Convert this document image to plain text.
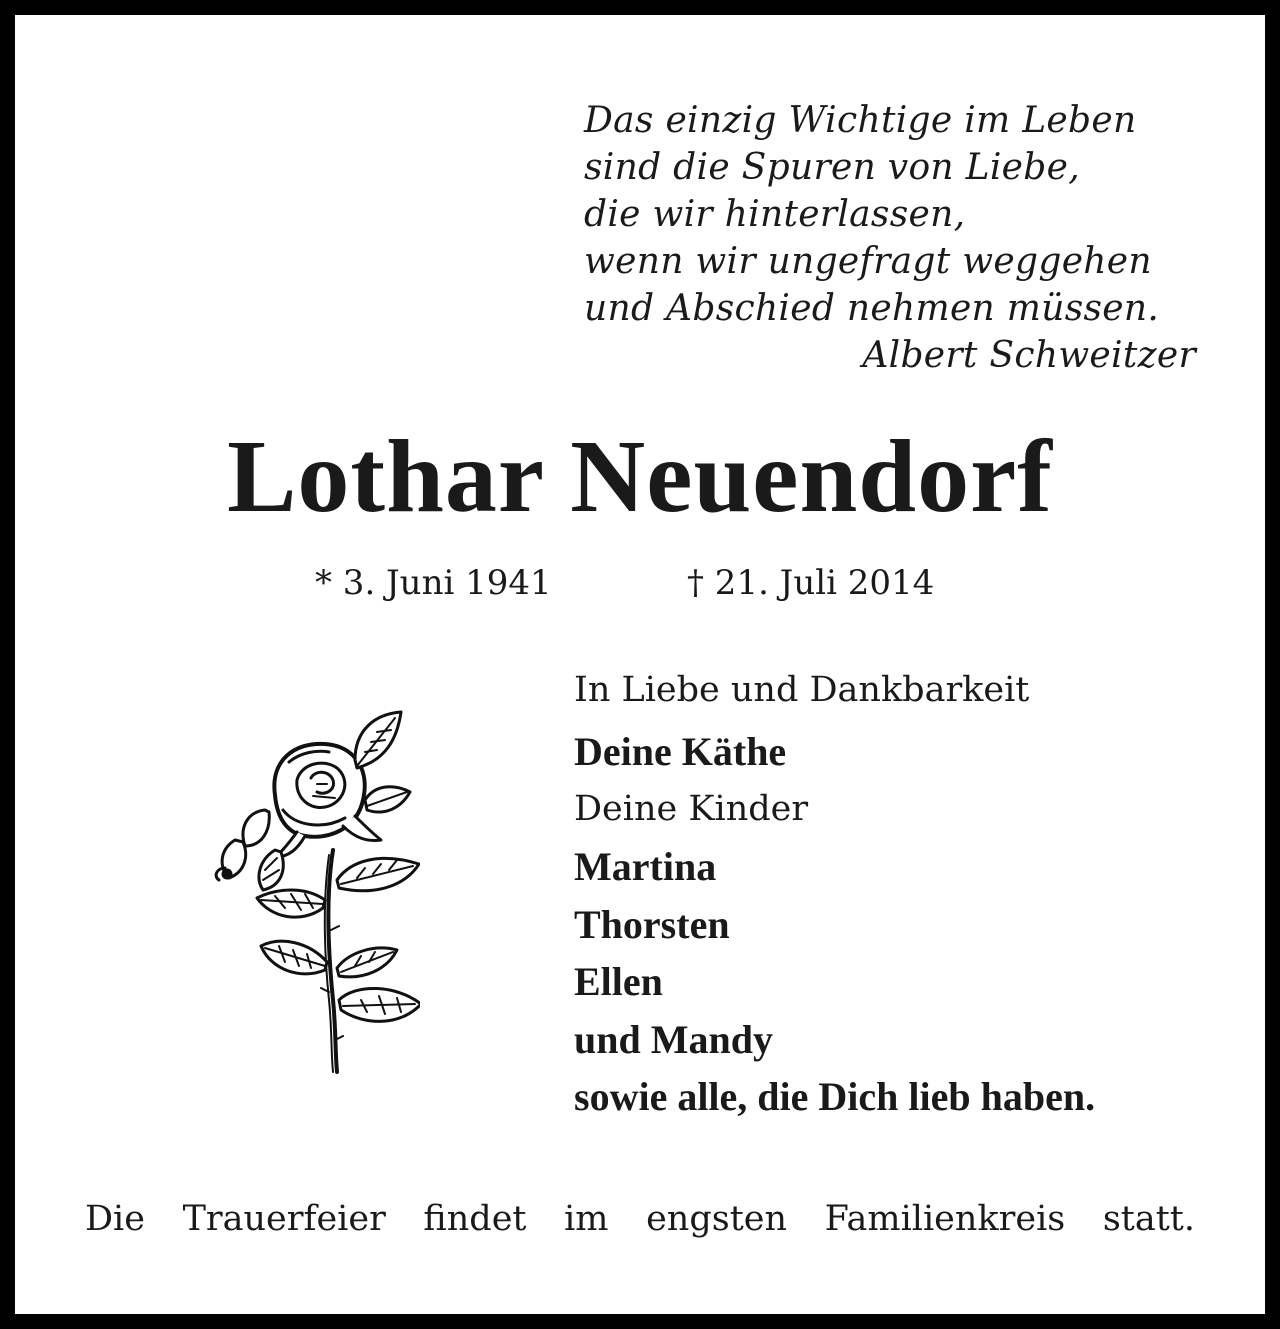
Das einzig Wichtige im Leben
sind die Spuren von Liebe,
die wir hinterlassen,
wenn wir ungefragt weggehen
und Abschied nehmen müssen.
Albert Schweitzer
Lothar Neuendorf
* 3. Juni 1941	† 21. Juli 2014
In Liebe und Dankbarkeit
Deine Käthe
Deine Kinder
Martina
Thorsten
Ellen
und Mandy
sowie alle, die Dich lieb haben.
Die Trauerfeier findet im engsten Familienkreis statt.
